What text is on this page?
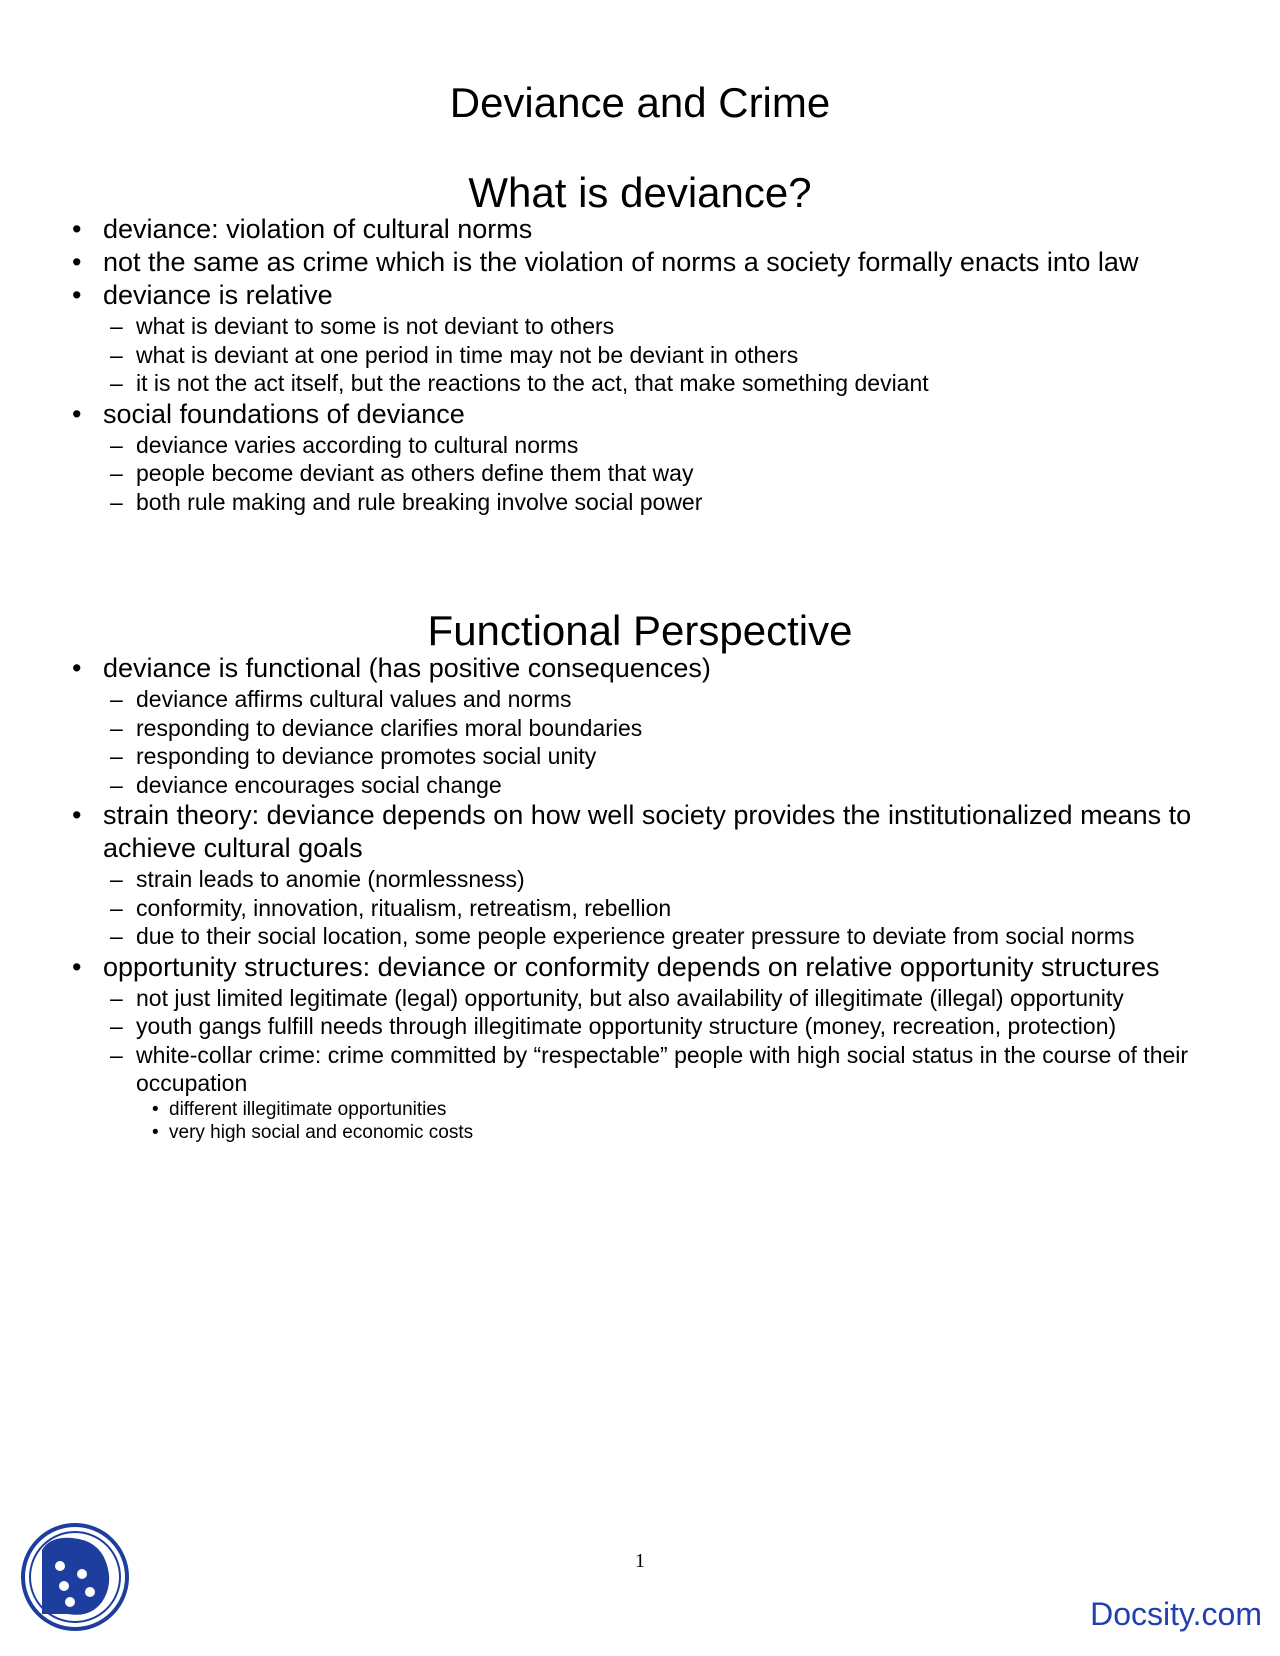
Deviance and Crime
What is deviance?
• deviance: violation of cultural norms
• not the same as crime which is the violation of norms a society formally enacts into law
• deviance is relative
– what is deviant to some is not deviant to others
– what is deviant at one period in time may not be deviant in others
– it is not the act itself, but the reactions to the act, that make something deviant
• social foundations of deviance
– deviance varies according to cultural norms
– people become deviant as others define them that way
– both rule making and rule breaking involve social power
Functional Perspective
• deviance is functional (has positive consequences)
– deviance affirms cultural values and norms
– responding to deviance clarifies moral boundaries
– responding to deviance promotes social unity
– deviance encourages social change
• strain theory: deviance depends on how well society provides the institutionalized means to achieve cultural goals
– strain leads to anomie (normlessness)
– conformity, innovation, ritualism, retreatism, rebellion
– due to their social location, some people experience greater pressure to deviate from social norms
• opportunity structures: deviance or conformity depends on relative opportunity structures
– not just limited legitimate (legal) opportunity, but also availability of illegitimate (illegal) opportunity
– youth gangs fulfill needs through illegitimate opportunity structure (money, recreation, protection)
– white-collar crime: crime committed by “respectable” people with high social status in the course of their occupation
• different illegitimate opportunities
• very high social and economic costs
1
Docsity.com
